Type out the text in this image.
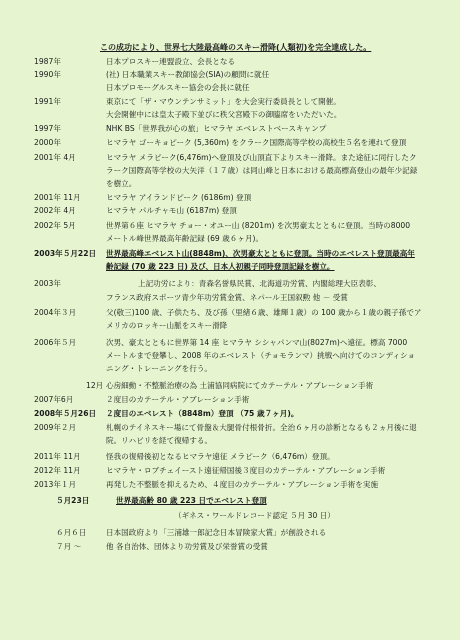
この成功により、世界七大陸最高峰のスキー滑降(人類初)を完全達成した。
1987年	日本プロスキー連盟設立、会長となる
1990年	(社) 日本職業スキー教師協会(SIA)の顧問に就任
日本プロモーグルスキー協会の会長に就任
1991年	東京にて「ザ・マウンテンサミット」を大会実行委員長として開催。
大会開催中には皇太子殿下並びに秩父宮殿下の御臨席をいただいた。
1997年	NHK BS「世界我が心の旅」ヒマラヤ エベレストベースキャンプ
2000年	ヒマラヤ ゴーキョピーク (5,360m) をクラーク国際高等学校の高校生５名を連れて登頂
2001年 4月	ヒマラヤ メラピーク(6,476m)へ登頂及び山頂直下よりスキー滑降。また途征に同行したク
ラーク国際高等学校の大矢洋（１７歳）は同山峰と日本における最高標高登山の最年少記録
を樹立。
2001年 11月	ヒマラヤ アイランドピーク (6186m) 登頂
2002年 4月	ヒマラヤ パルチャモ山 (6187m) 登頂
2002年 5月	世界第６座 ヒマラヤ チョー・オユー山 (8201m) を次男豪太とともに登頂。当時の8000
メートル峰世界最高年齢記録 (69 歳６ヶ月)。
2003年５月22日 世界最高峰エベレスト山(8848m)、次男豪太とともに登頂。当時のエベレスト登頂最高年
齢記録 (70 歳 223 日) 及び、日本人初親子同時登頂記録を樹立。
2003年	上記功労により：青森名誉県民賞、北海道功労賞、内閣総理大臣表彰、
フランス政府スポーツ青少年功労賞金賞、ネパール王国叙勲 他 － 受賞
2004年３月	父(敬三)100 歳、子供たち、及び孫（里緒６歳、雄輝１歳）の 100 歳から１歳の親子孫でア
メリカのロッキー山脈をスキー滑降
2006年５月	次男、豪太とともに世界第 14 座 ヒマラヤ シシャパンマ山(8027m)へ遠征。標高 7000
メートルまで登攀し、2008 年のエベレスト（チョモランマ）挑戦へ向けてのコンディショ
ニング・トレーニングを行う。
12月 心房細動・不整脈治療の為 土浦協同病院にてカテーテル・アブレーション手術
2007年6月	２度目のカテーテル・アブレーション手術
2008年５月26日 ２度目のエベレスト（8848m）登頂 （75 歳７ヶ月)。
2009年２月	札幌のテイネスキー場にて骨盤＆大腿骨付根骨折。全治６ヶ月の診断となるも２ヵ月後に退
院。リハビリを経て復帰する。
2011年 11月	怪我の復帰後初となるヒマラヤ遠征 メラピーク（6,476m）登頂。
2012年 11月	ヒマラヤ・ロブチェイースト遠征帰国後３度目のカテーテル・アブレーション手術
2013年１月	再発した不整脈を抑えるため、４度目のカテーテル・アブレーション手術を実施
５月23日	世界最高齢 80 歳 223 日でエベレスト登頂
（ギネス・ワールドレコード認定 ５月 30 日）
６月６日	日本国政府より「三浦雄一郎記念日本冒険家大賞」が創設される
７月 〜	他 各自治体、団体より功労賞及び栄誉賞の受賞
